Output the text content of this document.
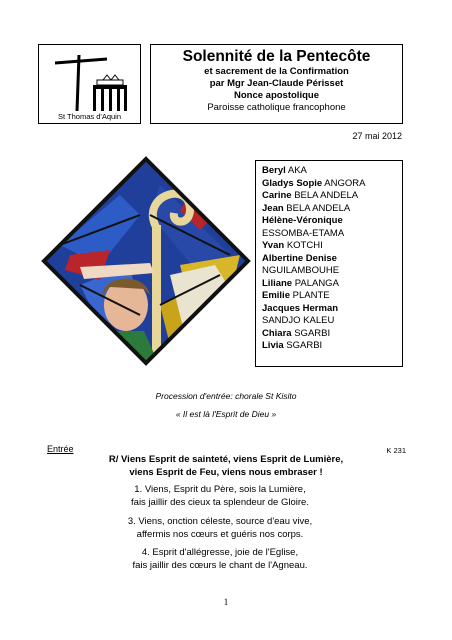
St Thomas d'Aquin
Solennité de la Pentecôte
et sacrement de la Confirmation
par Mgr Jean-Claude Périsset
Nonce apostolique
Paroisse catholique francophone
27 mai 2012
Beryl AKA
Gladys Sopie ANGORA
Carine BELA ANDELA
Jean BELA ANDELA
Hélène-Véronique
ESSOMBA-ETAMA
Yvan KOTCHI
Albertine Denise
NGUILAMBOUHE
Liliane PALANGA
Emilie PLANTE
Jacques Herman
SANDJO KALEU
Chiara SGARBI
Livia SGARBI
Procession d'entrée: chorale St Kisito
« Il est là l'Esprit de Dieu »
Entrée	K 231
R/ Viens Esprit de sainteté, viens Esprit de Lumière,
viens Esprit de Feu, viens nous embraser !
1. Viens, Esprit du Père, sois la Lumière,
fais jaillir des cieux ta splendeur de Gloire.
3. Viens, onction céleste, source d'eau vive,
affermis nos cœurs et guéris nos corps.
4. Esprit d'allégresse, joie de l'Eglise,
fais jaillir des cœurs le chant de l'Agneau.
1
